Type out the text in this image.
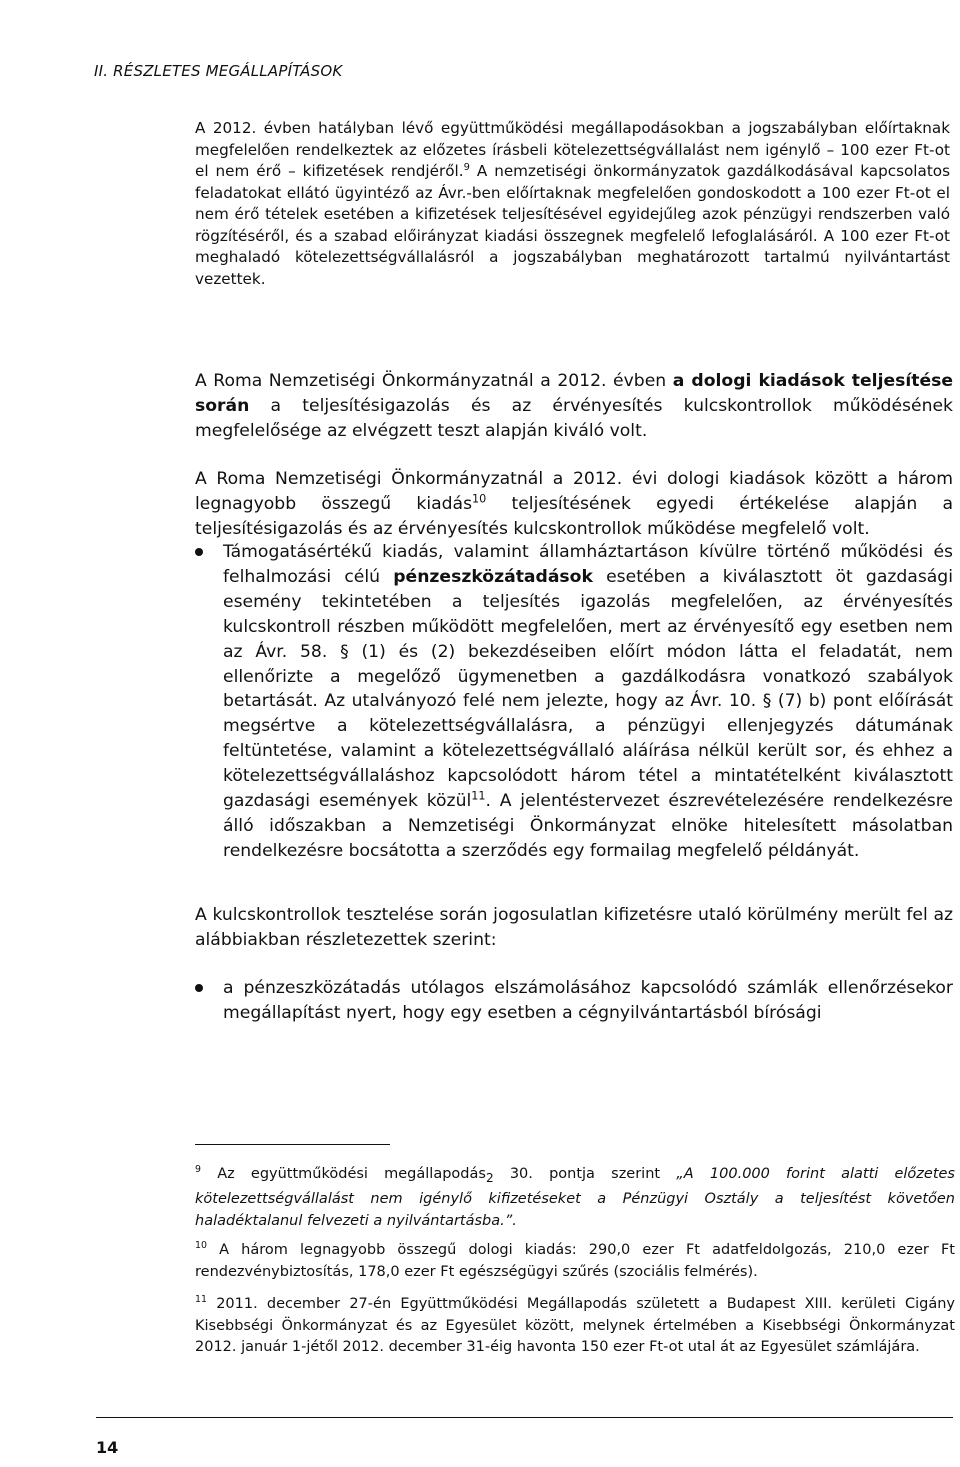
II. RÉSZLETES MEGÁLLAPÍTÁSOK

A 2012. évben hatályban lévő együttműködési megállapodásokban a jogszabályban előírtaknak megfelelően rendelkeztek az előzetes írásbeli kötelezettségvállalást nem igénylő – 100 ezer Ft-ot el nem érő – kifizetések rendjéről.$^9$ A nemzetiségi önkormányzatok gazdálkodásával kapcsolatos feladatokat ellátó ügyintéző az Ávr.-ben előírtaknak megfelelően gondoskodott a 100 ezer Ft-ot el nem érő tételek esetében a kifizetések teljesítésével egyidejűleg azok pénzügyi rendszerben való rögzítéséről, és a szabad előirányzat kiadási összegnek megfelelő lefoglalásáról. A 100 ezer Ft-ot meghaladó kötelezettségvállalásról a jogszabályban meghatározott tartalmú nyilvántartást vezettek.

A Roma Nemzetiségi Önkormányzatnál a 2012. évben a dologi kiadások teljesítése során a teljesítésigazolás és az érvényesítés kulcskontrollok működésének megfelelősége az elvégzett teszt alapján kiváló volt.

A Roma Nemzetiségi Önkormányzatnál a 2012. évi dologi kiadások között a három legnagyobb összegű kiadás$^{10}$ teljesítésének egyedi értékelése alapján a teljesítésigazolás és az érvényesítés kulcskontrollok működése megfelelő volt.

Támogatásértékű kiadás, valamint államháztartáson kívülre történő működési és felhalmozási célú pénzeszközátadások esetében a kiválasztott öt gazdasági esemény tekintetében a teljesítés igazolás megfelelően, az érvényesítés kulcskontroll részben működött megfelelően, mert az érvényesítő egy esetben nem az Ávr. 58. § (1) és (2) bekezdéseiben előírt módon látta el feladatát, nem ellenőrizte a megelőző ügymenetben a gazdálkodásra vonatkozó szabályok betartását. Az utalványozó felé nem jelezte, hogy az Ávr. 10. § (7) b) pont előírását megsértve a kötelezettségvállalásra, a pénzügyi ellenjegyzés dátumának feltüntetése, valamint a kötelezettségvállaló aláírása nélkül került sor, és ehhez a kötelezettségvállaláshoz kapcsolódott három tétel a mintatételként kiválasztott gazdasági események közül$^{11}$. A jelentéstervezet észrevételezésére rendelkezésre álló időszakban a Nemzetiségi Önkormányzat elnöke hitelesített másolatban rendelkezésre bocsátotta a szerződés egy formailag megfelelő példányát.

A kulcskontrollok tesztelése során jogosulatlan kifizetésre utaló körülmény merült fel az alábbiakban részletezettek szerint:

a pénzeszközátadás utólagos elszámolásához kapcsolódó számlák ellenőrzésekor megállapítást nyert, hogy egy esetben a cégnyilvántartásból bírósági

$^9$ Az együttműködési megállapodás$_2$ 30. pontja szerint „A 100.000 forint alatti előzetes kötelezettségvállalást nem igénylő kifizetéseket a Pénzügyi Osztály a teljesítést követően haladéktalanul felvezeti a nyilvántartásba.”.

$^{10}$ A három legnagyobb összegű dologi kiadás: 290,0 ezer Ft adatfeldolgozás, 210,0 ezer Ft rendezvénybiztosítás, 178,0 ezer Ft egészségügyi szűrés (szociális felmérés).

$^{11}$ 2011. december 27-én Együttműködési Megállapodás született a Budapest XIII. kerületi Cigány Kisebbségi Önkormányzat és az Egyesület között, melynek értelmében a Kisebbségi Önkormányzat 2012. január 1-jétől 2012. december 31-éig havonta 150 ezer Ft-ot utal át az Egyesület számlájára.

14
